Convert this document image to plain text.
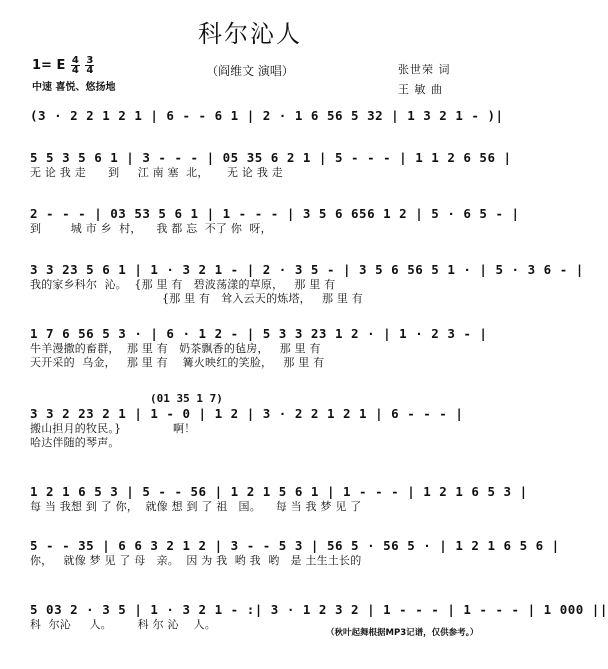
科尔沁人
（阎维文 演唱）
1= E $\frac{4}{4}$
$\frac{3}{4}$
中速 喜悦、悠扬地
张世荣 词
王 敏 曲
(3 · 2 2 1 2 1 | 6 - - 6 1 | 2 · 1 6 56 5 32 | 1 3 2 1 - )|
5 5 3 5 6 1 | 3 - - - | 05 35 6 2 1 | 5 - - - | 1 1 2 6 56 |
无 论 我 走      到     江 南 塞  北，     无 论 我 走
2 - - - | 03 53 5 6 1 | 1 - - - | 3 5 6 656 1 2 | 5 · 6 5 - |
到        城 市 乡  村，    我 都 忘  不了 你  呀，
3 3 23 5 6 1 | 1 · 3 2 1 - | 2 · 3 5 - | 3 5 6 56 5 1 · | 5 · 3 6 - |
我的家乡科尔  沁。  {那 里 有   碧波荡漾的草原，   那 里 有
{那 里 有   耸入云天的炼塔，   那 里 有
1 7 6 56 5 3 · | 6 · 1 2 - | 5 3 3 23 1 2 · | 1 · 2 3 - |
牛羊漫撒的畜群，  那 里 有   奶茶飘香的毡房，   那 里 有
天开采的  乌金，   那 里 有    篝火映红的笑脸，   那 里 有
(01 35 1 7)
3 3 2 23 2 1 | 1 - 0 | 1 2 | 3 · 2 2 1 2 1 | 6 - - - |
搬山担月的牧民。}              啊！
哈达伴随的琴声。
1 2 1 6 5 3 | 5 - - 56 | 1 2 1 5 6 1 | 1 - - - | 1 2 1 6 5 3 |
每 当 我想 到 了 你，  就像 想 到 了 祖   国。    每 当 我 梦 见 了
5 - - 35 | 6 6 3 2 1 2 | 3 - - 5 3 | 56 5 · 56 5 · | 1 2 1 6 5 6 |
你，   就像 梦 见 了 母   亲。  因 为 我  哟 我  哟   是 土生土长的
5 03 2 · 3 5 | 1 · 3 2 1 - :| 3 · 1 2 3 2 | 1 - - - | 1 - - - | 1 000 ||
科  尔沁     人。       科 尔 沁    人。
（秋叶起舞根据MP3记谱，仅供参考。）
